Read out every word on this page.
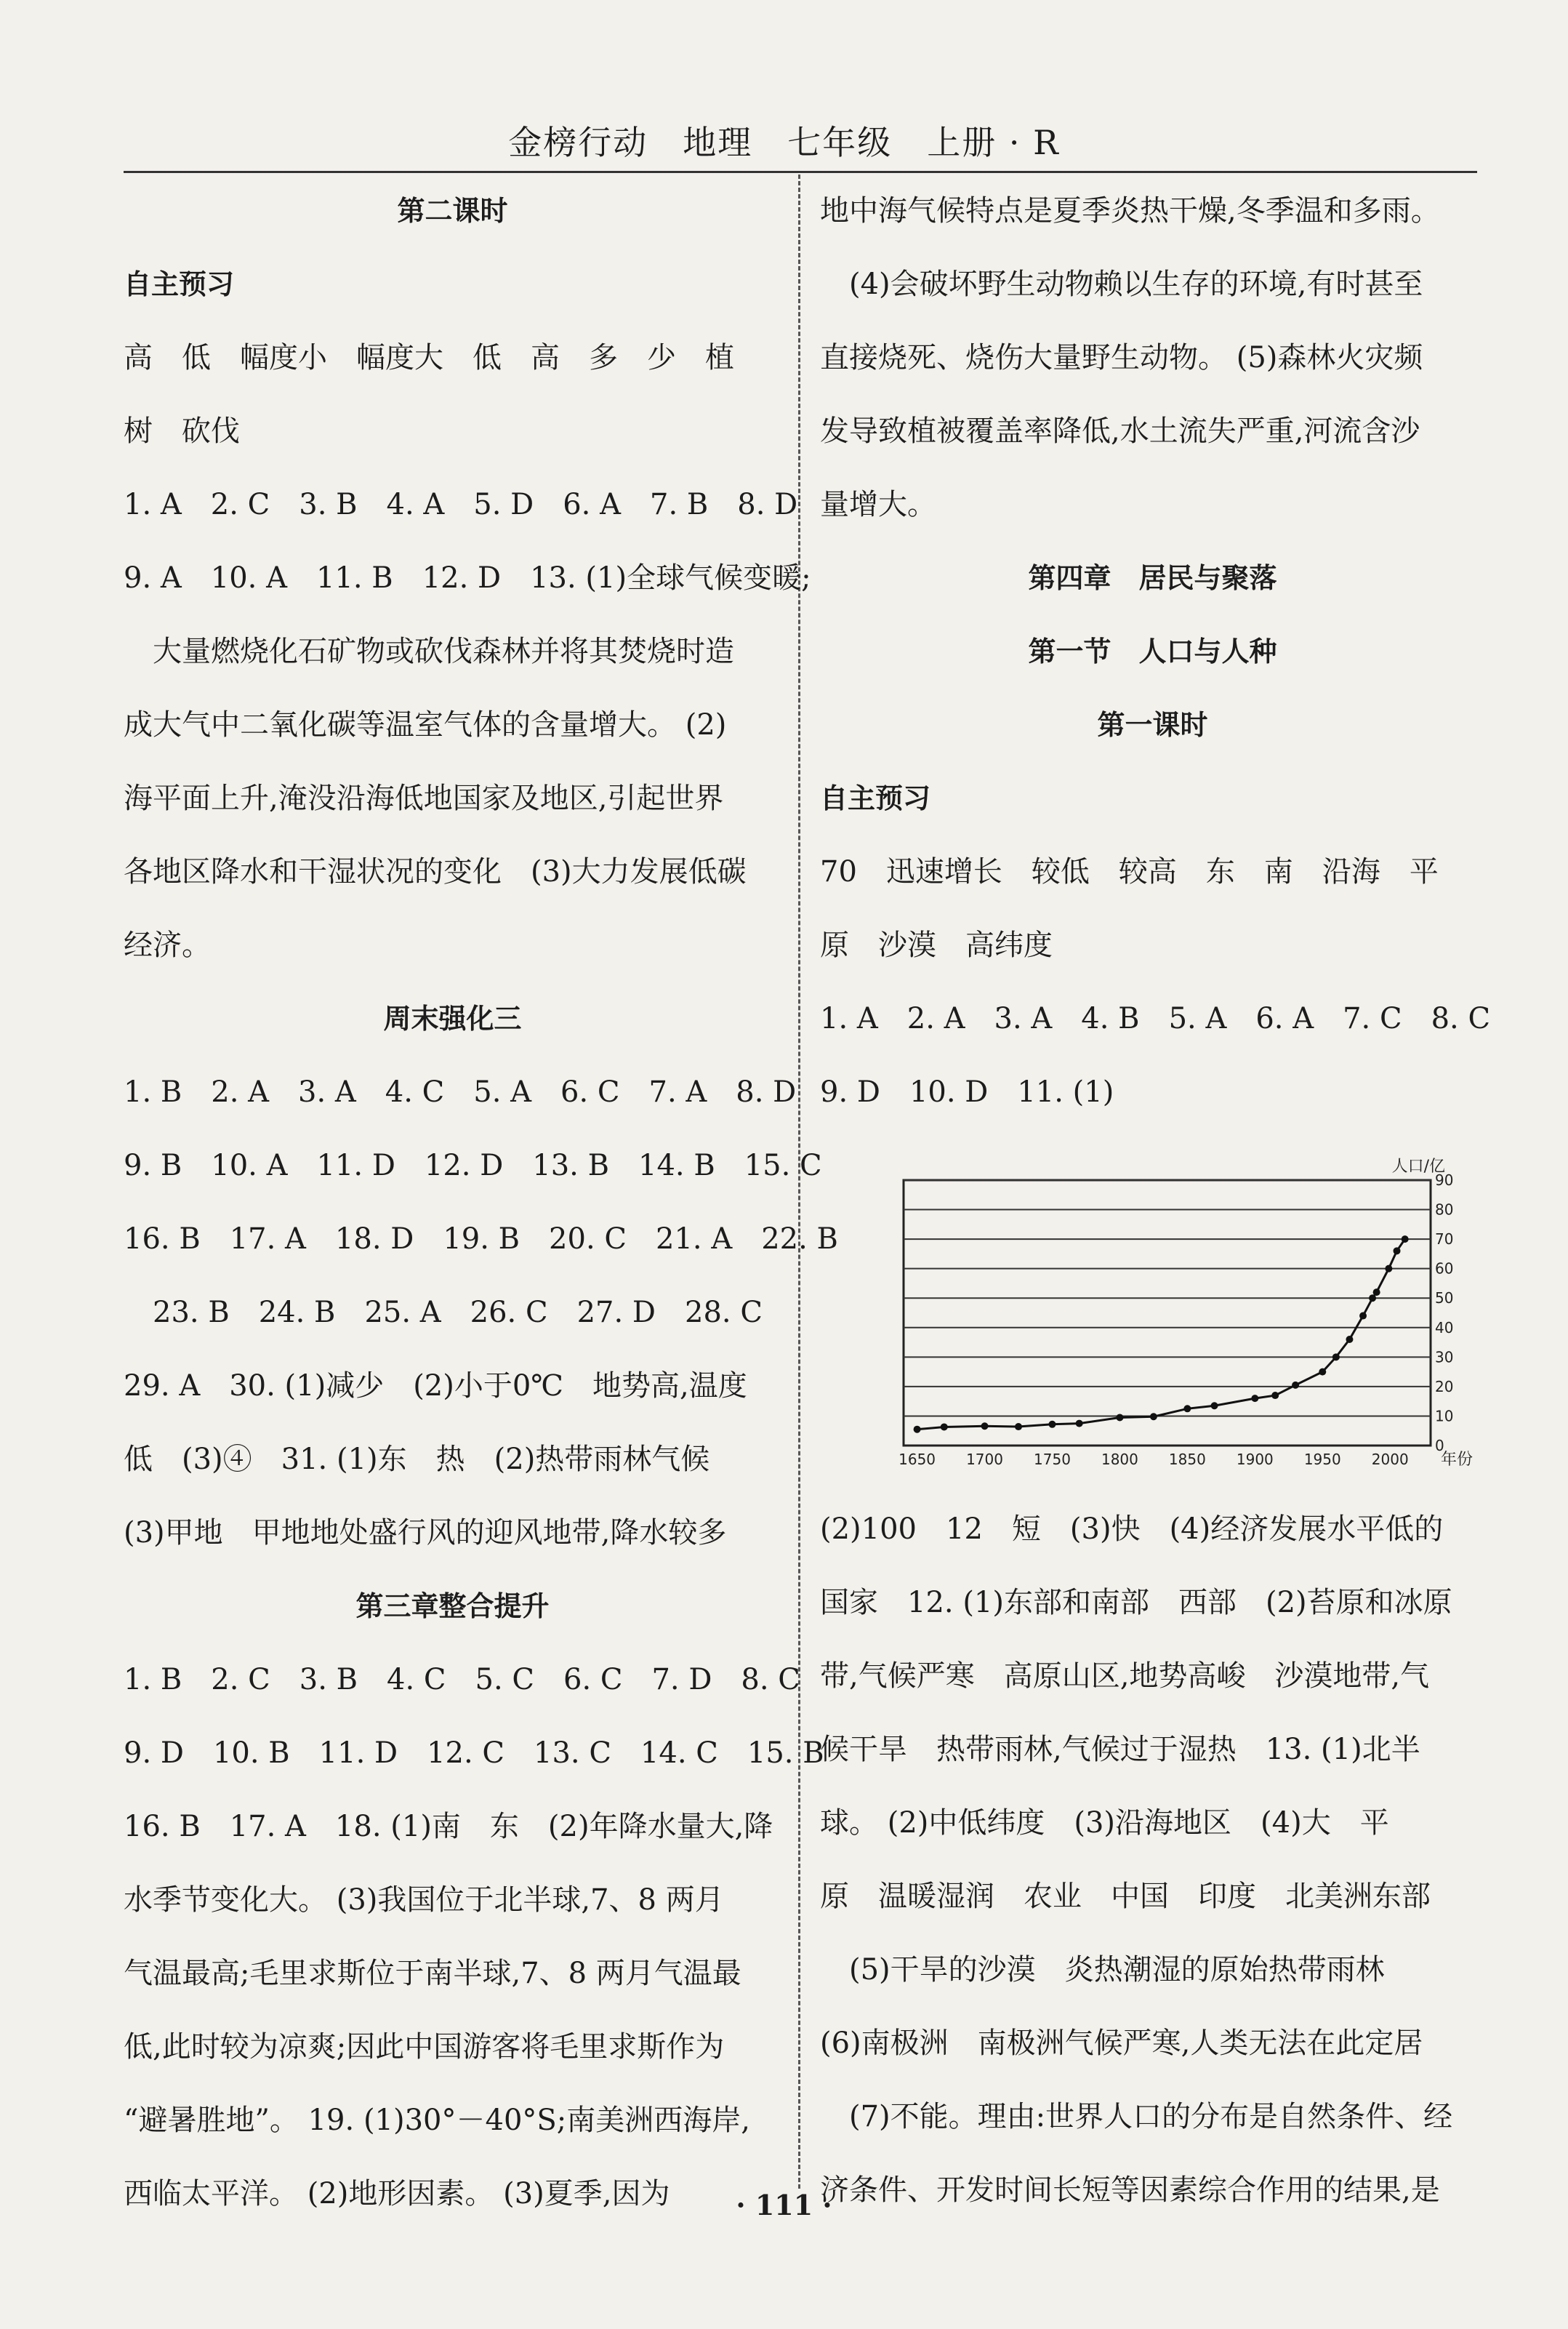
金榜行动　地理　七年级　上册 · R
第二课时
自主预习
高　低　幅度小　幅度大　低　高　多　少　植
树　砍伐
1. A　2. C　3. B　4. A　5. D　6. A　7. B　8. D
9. A　10. A　11. B　12. D　13. (1)全球气候变暖;
　大量燃烧化石矿物或砍伐森林并将其焚烧时造
成大气中二氧化碳等温室气体的含量增大。 (2)
海平面上升,淹没沿海低地国家及地区,引起世界
各地区降水和干湿状况的变化　(3)大力发展低碳
经济。
周末强化三
1. B　2. A　3. A　4. C　5. A　6. C　7. A　8. D
9. B　10. A　11. D　12. D　13. B　14. B　15. C
16. B　17. A　18. D　19. B　20. C　21. A　22. B
　23. B　24. B　25. A　26. C　27. D　28. C
29. A　30. (1)减少　(2)小于0℃　地势高,温度
低　(3)④　31. (1)东　热　(2)热带雨林气候
(3)甲地　甲地地处盛行风的迎风地带,降水较多
第三章整合提升
1. B　2. C　3. B　4. C　5. C　6. C　7. D　8. C
9. D　10. B　11. D　12. C　13. C　14. C　15. B
16. B　17. A　18. (1)南　东　(2)年降水量大,降
水季节变化大。 (3)我国位于北半球,7、8 两月
气温最高;毛里求斯位于南半球,7、8 两月气温最
低,此时较为凉爽;因此中国游客将毛里求斯作为
“避暑胜地”。 19. (1)30°－40°S;南美洲西海岸,
西临太平洋。 (2)地形因素。 (3)夏季,因为
地中海气候特点是夏季炎热干燥,冬季温和多雨。
　(4)会破坏野生动物赖以生存的环境,有时甚至
直接烧死、烧伤大量野生动物。 (5)森林火灾频
发导致植被覆盖率降低,水土流失严重,河流含沙
量增大。
第四章　居民与聚落
第一节　人口与人种
第一课时
自主预习
70　迅速增长　较低　较高　东　南　沿海　平
原　沙漠　高纬度
1. A　2. A　3. A　4. B　5. A　6. A　7. C　8. C
9. D　10. D　11. (1)
0
10
20
30
40
50
60
70
80
90
1650 1700 1750 1800 1850 1900 1950 2000
人口/亿
年份
(2)100　12　短　(3)快　(4)经济发展水平低的
国家　12. (1)东部和南部　西部　(2)苔原和冰原
带,气候严寒　高原山区,地势高峻　沙漠地带,气
候干旱　热带雨林,气候过于湿热　13. (1)北半
球。 (2)中低纬度　(3)沿海地区　(4)大　平
原　温暖湿润　农业　中国　印度　北美洲东部
　(5)干旱的沙漠　炎热潮湿的原始热带雨林
(6)南极洲　南极洲气候严寒,人类无法在此定居
　(7)不能。理由:世界人口的分布是自然条件、经
济条件、开发时间长短等因素综合作用的结果,是
· 111 ·
